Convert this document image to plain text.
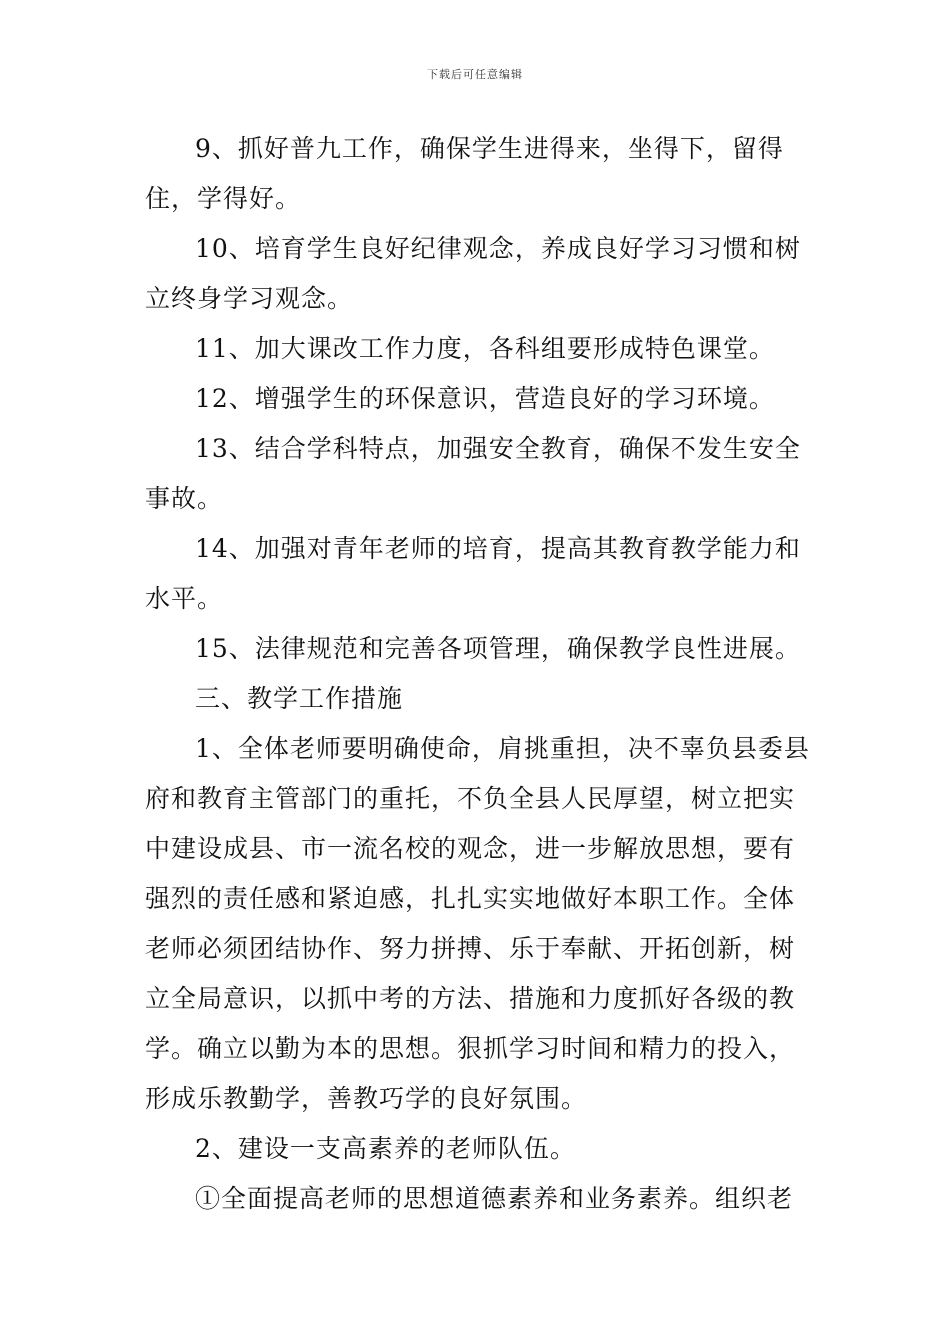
下载后可任意编辑

9、抓好普九工作，确保学生进得来，坐得下，留得住，学得好。

10、培育学生良好纪律观念，养成良好学习习惯和树立终身学习观念。

11、加大课改工作力度，各科组要形成特色课堂。

12、增强学生的环保意识，营造良好的学习环境。

13、结合学科特点，加强安全教育，确保不发生安全事故。

14、加强对青年老师的培育，提高其教育教学能力和水平。

15、法律规范和完善各项管理，确保教学良性进展。

三、教学工作措施

1、全体老师要明确使命，肩挑重担，决不辜负县委县府和教育主管部门的重托，不负全县人民厚望，树立把实中建设成县、市一流名校的观念，进一步解放思想，要有强烈的责任感和紧迫感，扎扎实实地做好本职工作。全体老师必须团结协作、努力拼搏、乐于奉献、开拓创新，树立全局意识，以抓中考的方法、措施和力度抓好各级的教学。确立以勤为本的思想。狠抓学习时间和精力的投入，形成乐教勤学，善教巧学的良好氛围。

2、建设一支高素养的老师队伍。

①全面提高老师的思想道德素养和业务素养。组织老
